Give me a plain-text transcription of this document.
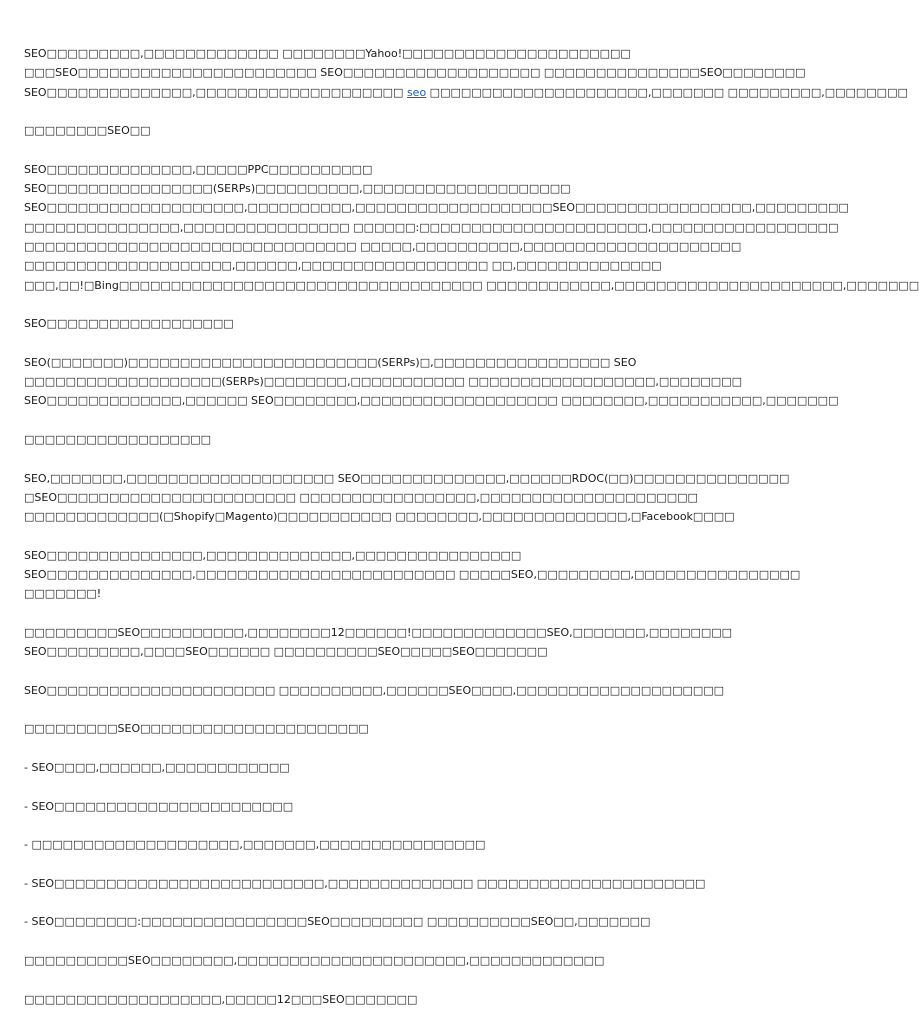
SEO□□□□□□□□□,□□□□□□□□□□□□□ □□□□□□□□Yahoo!□□□□□□□□□□□□□□□□□□□□□□
□□□SEO□□□□□□□□□□□□□□□□□□□□□□□ SEO□□□□□□□□□□□□□□□□□□□ □□□□□□□□□□□□□□□SEO□□□□□□□□
SEO□□□□□□□□□□□□□□,□□□□□□□□□□□□□□□□□□□□ seo □□□□□□□□□□□□□□□□□□□□□,□□□□□□□ □□□□□□□□□,□□□□□□□□
□□□□□□□□SEO□□
SEO□□□□□□□□□□□□□□,□□□□□PPC□□□□□□□□□□
SEO□□□□□□□□□□□□□□□□(SERPs)□□□□□□□□□□,□□□□□□□□□□□□□□□□□□□□
SEO□□□□□□□□□□□□□□□□□□□,□□□□□□□□□□,□□□□□□□□□□□□□□□□□□□SEO□□□□□□□□□□□□□□□□□,□□□□□□□□□
□□□□□□□□□□□□□□□,□□□□□□□□□□□□□□□□ □□□□□□:□□□□□□□□□□□□□□□□□□□□□□,□□□□□□□□□□□□□□□□□□
□□□□□□□□□□□□□□□□□□□□□□□□□□□□□□□□ □□□□□,□□□□□□□□□□,□□□□□□□□□□□□□□□□□□□□□
□□□□□□□□□□□□□□□□□□□□,□□□□□□,□□□□□□□□□□□□□□□□□□ □□,□□□□□□□□□□□□□□
□□□,□□!□Bing□□□□□□□□□□□□□□□□□□□□□□□□□□□□□□□□□□□ □□□□□□□□□□□□,□□□□□□□□□□□□□□□□□□□□□□,□□□□□□□
SEO□□□□□□□□□□□□□□□□□□
SEO(□□□□□□□)□□□□□□□□□□□□□□□□□□□□□□□□(SERPs)□,□□□□□□□□□□□□□□□□□ SEO
□□□□□□□□□□□□□□□□□□□(SERPs)□□□□□□□□,□□□□□□□□□□□ □□□□□□□□□□□□□□□□□□,□□□□□□□□
SEO□□□□□□□□□□□□□,□□□□□□ SEO□□□□□□□□,□□□□□□□□□□□□□□□□□□□ □□□□□□□□,□□□□□□□□□□□,□□□□□□□
□□□□□□□□□□□□□□□□□□
SEO,□□□□□□□,□□□□□□□□□□□□□□□□□□□□ SEO□□□□□□□□□□□□□□,□□□□□□RDOC(□□)□□□□□□□□□□□□□□□
□SEO□□□□□□□□□□□□□□□□□□□□□□□ □□□□□□□□□□□□□□□□□,□□□□□□□□□□□□□□□□□□□□□
□□□□□□□□□□□□□(□Shopify□Magento)□□□□□□□□□□□ □□□□□□□□,□□□□□□□□□□□□□□,□Facebook□□□□
SEO□□□□□□□□□□□□□□□,□□□□□□□□□□□□□□,□□□□□□□□□□□□□□□□
SEO□□□□□□□□□□□□□□,□□□□□□□□□□□□□□□□□□□□□□□□□ □□□□□SEO,□□□□□□□□□,□□□□□□□□□□□□□□□□
□□□□□□□!
□□□□□□□□□SEO□□□□□□□□□□,□□□□□□□□12□□□□□□!□□□□□□□□□□□□□SEO,□□□□□□□,□□□□□□□□
SEO□□□□□□□□□,□□□□SEO□□□□□□ □□□□□□□□□□SEO□□□□□SEO□□□□□□□
SEO□□□□□□□□□□□□□□□□□□□□□□ □□□□□□□□□□,□□□□□□SEO□□□□,□□□□□□□□□□□□□□□□□□□□
□□□□□□□□□SEO□□□□□□□□□□□□□□□□□□□□□□
- SEO□□□□,□□□□□□,□□□□□□□□□□□□
- SEO□□□□□□□□□□□□□□□□□□□□□□□
- □□□□□□□□□□□□□□□□□□□□,□□□□□□□,□□□□□□□□□□□□□□□□
- SEO□□□□□□□□□□□□□□□□□□□□□□□□□□,□□□□□□□□□□□□□□ □□□□□□□□□□□□□□□□□□□□□□
- SEO□□□□□□□□:□□□□□□□□□□□□□□□□SEO□□□□□□□□□ □□□□□□□□□□SEO□□,□□□□□□□
□□□□□□□□□□SEO□□□□□□□□,□□□□□□□□□□□□□□□□□□□□□□,□□□□□□□□□□□□□
□□□□□□□□□□□□□□□□□□□,□□□□□12□□□SEO□□□□□□□
